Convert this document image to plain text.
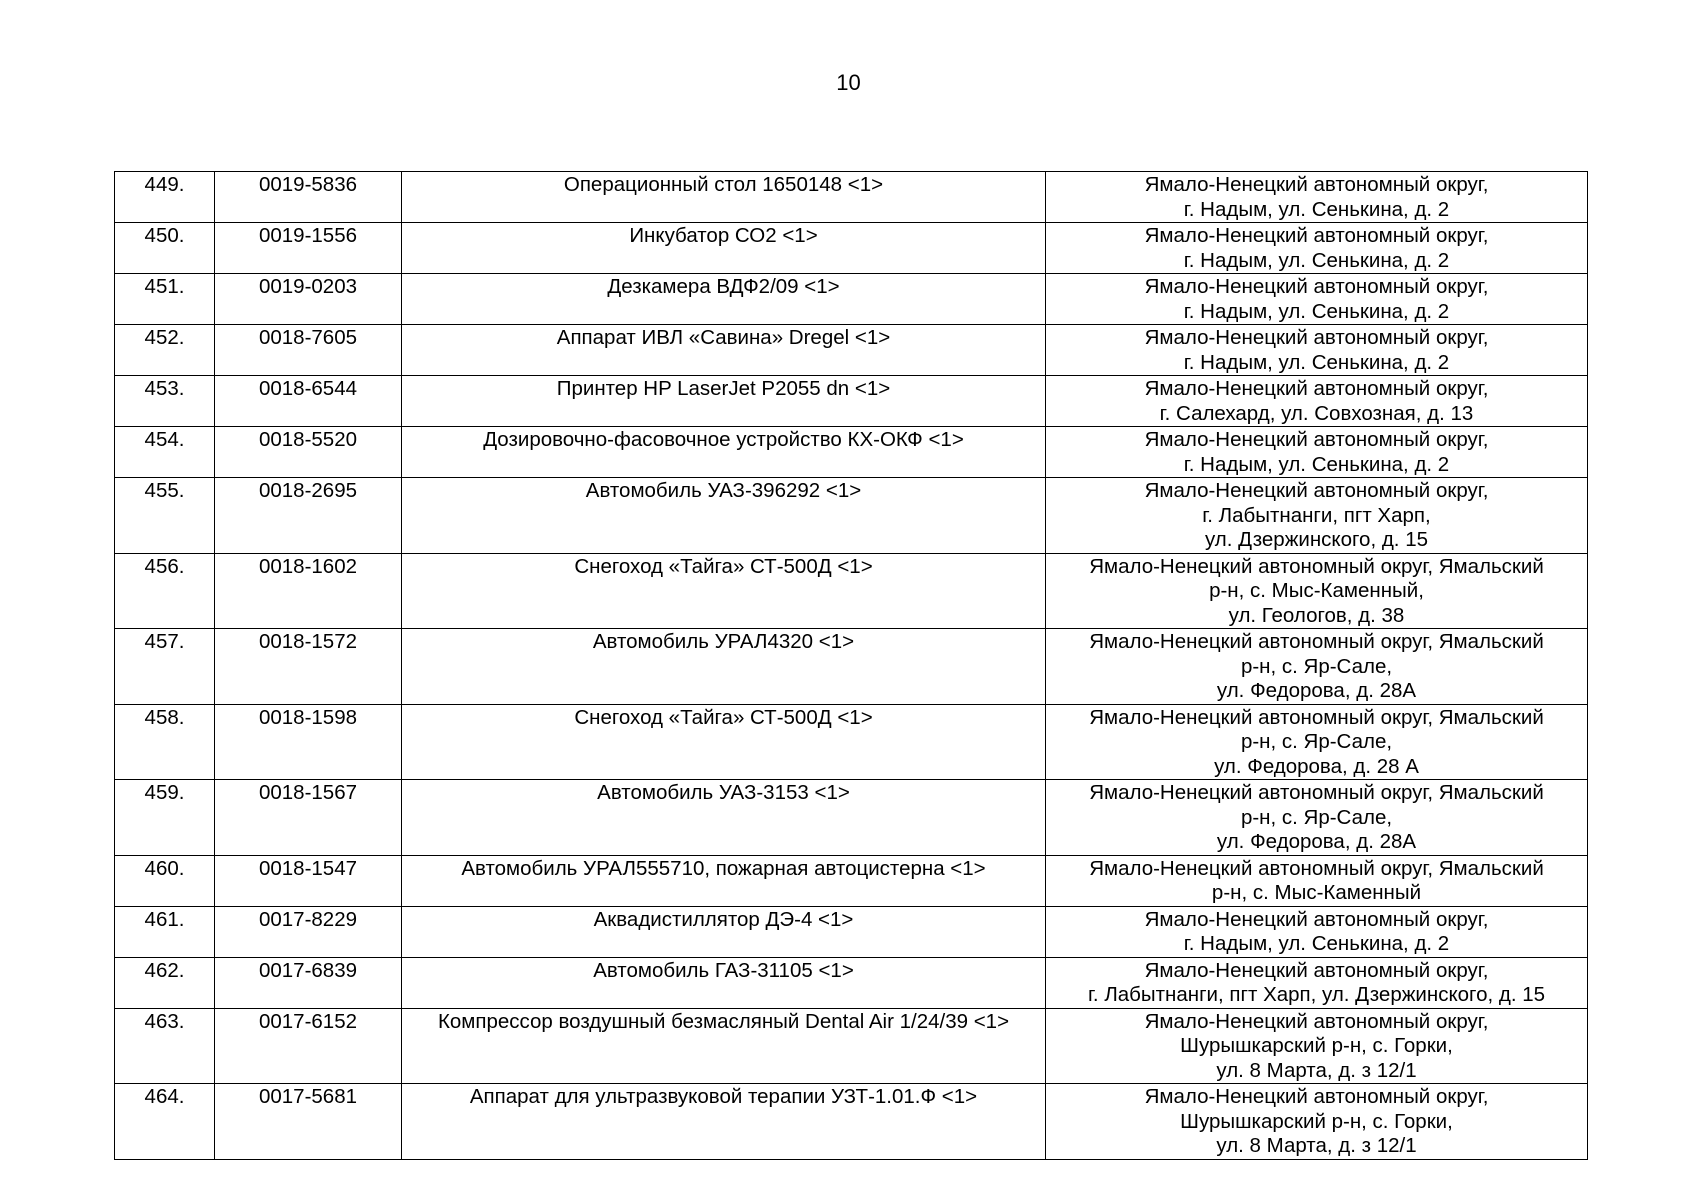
10
449.	0019-5836	Операционный стол 1650148 <1>	Ямало-Ненецкий автономный округ,
г. Надым, ул. Сенькина, д. 2

450.	0019-1556	Инкубатор СО2 <1>	Ямало-Ненецкий автономный округ,
г. Надым, ул. Сенькина, д. 2

451.	0019-0203	Дезкамера ВДФ2/09 <1>	Ямало-Ненецкий автономный округ,
г. Надым, ул. Сенькина, д. 2

452.	0018-7605	Аппарат ИВЛ «Савина» Dregel <1>	Ямало-Ненецкий автономный округ,
г. Надым, ул. Сенькина, д. 2

453.	0018-6544	Принтер HP LaserJet P2055 dn <1>	Ямало-Ненецкий автономный округ,
г. Салехард, ул. Совхозная, д. 13

454.	0018-5520	Дозировочно-фасовочное устройство КХ-ОКФ <1>	Ямало-Ненецкий автономный округ,
г. Надым, ул. Сенькина, д. 2

455.	0018-2695	Автомобиль УАЗ-396292 <1>	Ямало-Ненецкий автономный округ,
г. Лабытнанги, пгт Харп,
ул. Дзержинского, д. 15

456.	0018-1602	Снегоход «Тайга» СТ-500Д <1>	Ямало-Ненецкий автономный округ, Ямальский
р-н, с. Мыс-Каменный,
ул. Геологов, д. 38

457.	0018-1572	Автомобиль УРАЛ4320 <1>	Ямало-Ненецкий автономный округ, Ямальский
р-н, с. Яр-Сале,
ул. Федорова, д. 28А

458.	0018-1598	Снегоход «Тайга» СТ-500Д <1>	Ямало-Ненецкий автономный округ, Ямальский
р-н, с. Яр-Сале,
ул. Федорова, д. 28 А

459.	0018-1567	Автомобиль УАЗ-3153 <1>	Ямало-Ненецкий автономный округ, Ямальский
р-н, с. Яр-Сале,
ул. Федорова, д. 28А

460.	0018-1547	Автомобиль УРАЛ555710, пожарная автоцистерна <1>	Ямало-Ненецкий автономный округ, Ямальский
р-н, с. Мыс-Каменный

461.	0017-8229	Аквадистиллятор ДЭ-4 <1>	Ямало-Ненецкий автономный округ,
г. Надым, ул. Сенькина, д. 2

462.	0017-6839	Автомобиль ГАЗ-31105 <1>	Ямало-Ненецкий автономный округ,
г. Лабытнанги, пгт Харп, ул. Дзержинского, д. 15

463.	0017-6152	Компрессор воздушный безмасляный Dental Air 1/24/39 <1>	Ямало-Ненецкий автономный округ,
Шурышкарский р-н, с. Горки,
ул. 8 Марта, д. з 12/1

464.	0017-5681	Аппарат для ультразвуковой терапии УЗТ-1.01.Ф <1>	Ямало-Ненецкий автономный округ,
Шурышкарский р-н, с. Горки,
ул. 8 Марта, д. з 12/1
